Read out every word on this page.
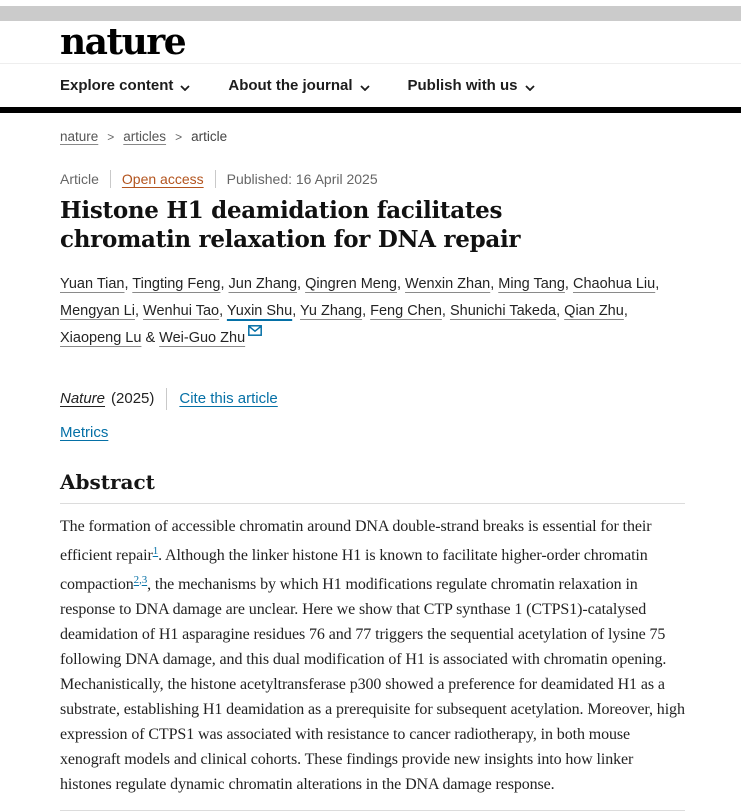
nature
Explore content	About the journal	Publish with us
nature > articles > article
Article Open access Published: 16 April 2025
Histone H1 deamidation facilitates chromatin relaxation for DNA repair
Yuan Tian, Tingting Feng, Jun Zhang, Qingren Meng, Wenxin Zhan, Ming Tang, Chaohua Liu, Mengyan Li, Wenhui Tao, Yuxin Shu, Yu Zhang, Feng Chen, Shunichi Takeda, Qian Zhu, Xiaopeng Lu & Wei-Guo Zhu
Nature (2025) Cite this article
Metrics
Abstract

The formation of accessible chromatin around DNA double-strand breaks is essential for their efficient repair$^1$. Although the linker histone H1 is known to facilitate higher-order chromatin compaction$^{2,3}$, the mechanisms by which H1 modifications regulate chromatin relaxation in response to DNA damage are unclear. Here we show that CTP synthase 1 (CTPS1)-catalysed deamidation of H1 asparagine residues 76 and 77 triggers the sequential acetylation of lysine 75 following DNA damage, and this dual modification of H1 is associated with chromatin opening. Mechanistically, the histone acetyltransferase p300 showed a preference for deamidated H1 as a substrate, establishing H1 deamidation as a prerequisite for subsequent acetylation. Moreover, high expression of CTPS1 was associated with resistance to cancer radiotherapy, in both mouse xenograft models and clinical cohorts. These findings provide new insights into how linker histones regulate dynamic chromatin alterations in the DNA damage response.
